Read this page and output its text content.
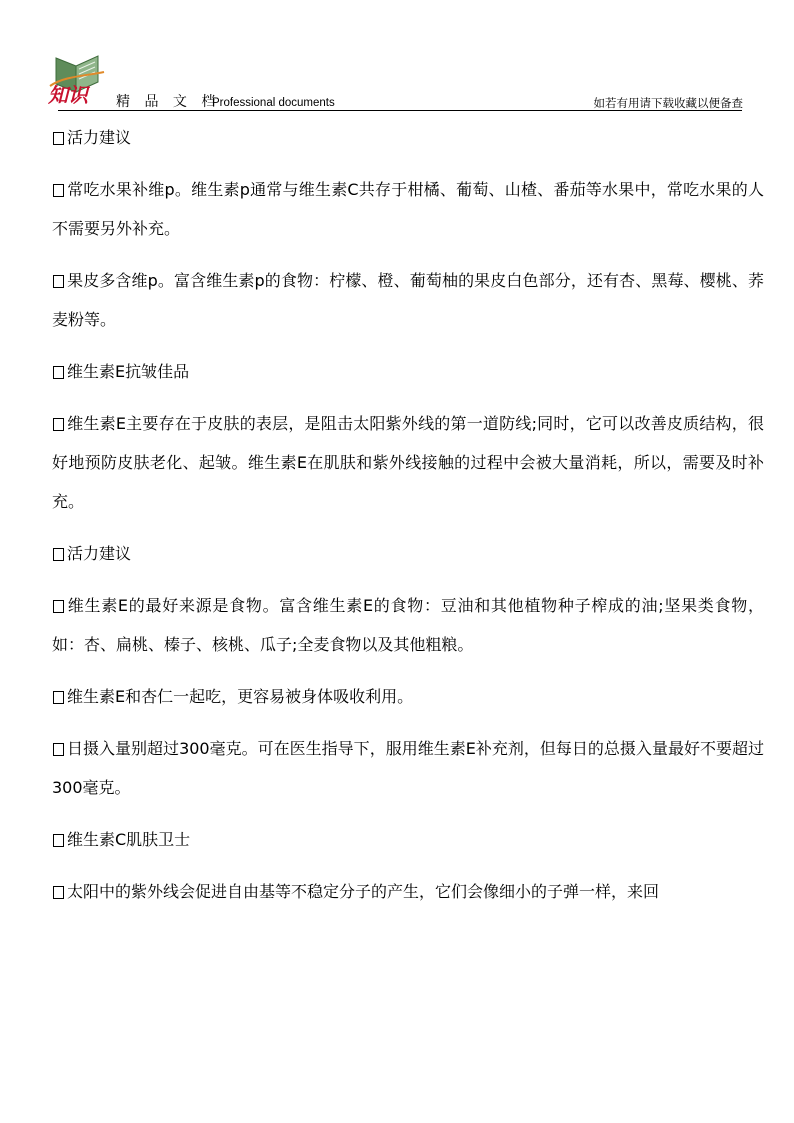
知识 精 品 文 档
Professional documents	如若有用请下载收藏以便备查

活力建议

常吃水果补维p。维生素p通常与维生素C共存于柑橘、葡萄、山楂、番茄等水果中，常吃水果的人不需要另外补充。

果皮多含维p。富含维生素p的食物：柠檬、橙、葡萄柚的果皮白色部分，还有杏、黑莓、樱桃、荞麦粉等。

维生素E抗皱佳品

维生素E主要存在于皮肤的表层，是阻击太阳紫外线的第一道防线;同时，它可以改善皮质结构，很好地预防皮肤老化、起皱。维生素E在肌肤和紫外线接触的过程中会被大量消耗，所以，需要及时补充。

活力建议

维生素E的最好来源是食物。富含维生素E的食物：豆油和其他植物种子榨成的油;坚果类食物，如：杏、扁桃、榛子、核桃、瓜子;全麦食物以及其他粗粮。

维生素E和杏仁一起吃，更容易被身体吸收利用。

日摄入量别超过300毫克。可在医生指导下，服用维生素E补充剂，但每日的总摄入量最好不要超过300毫克。

维生素C肌肤卫士

太阳中的紫外线会促进自由基等不稳定分子的产生，它们会像细小的子弹一样，来回
